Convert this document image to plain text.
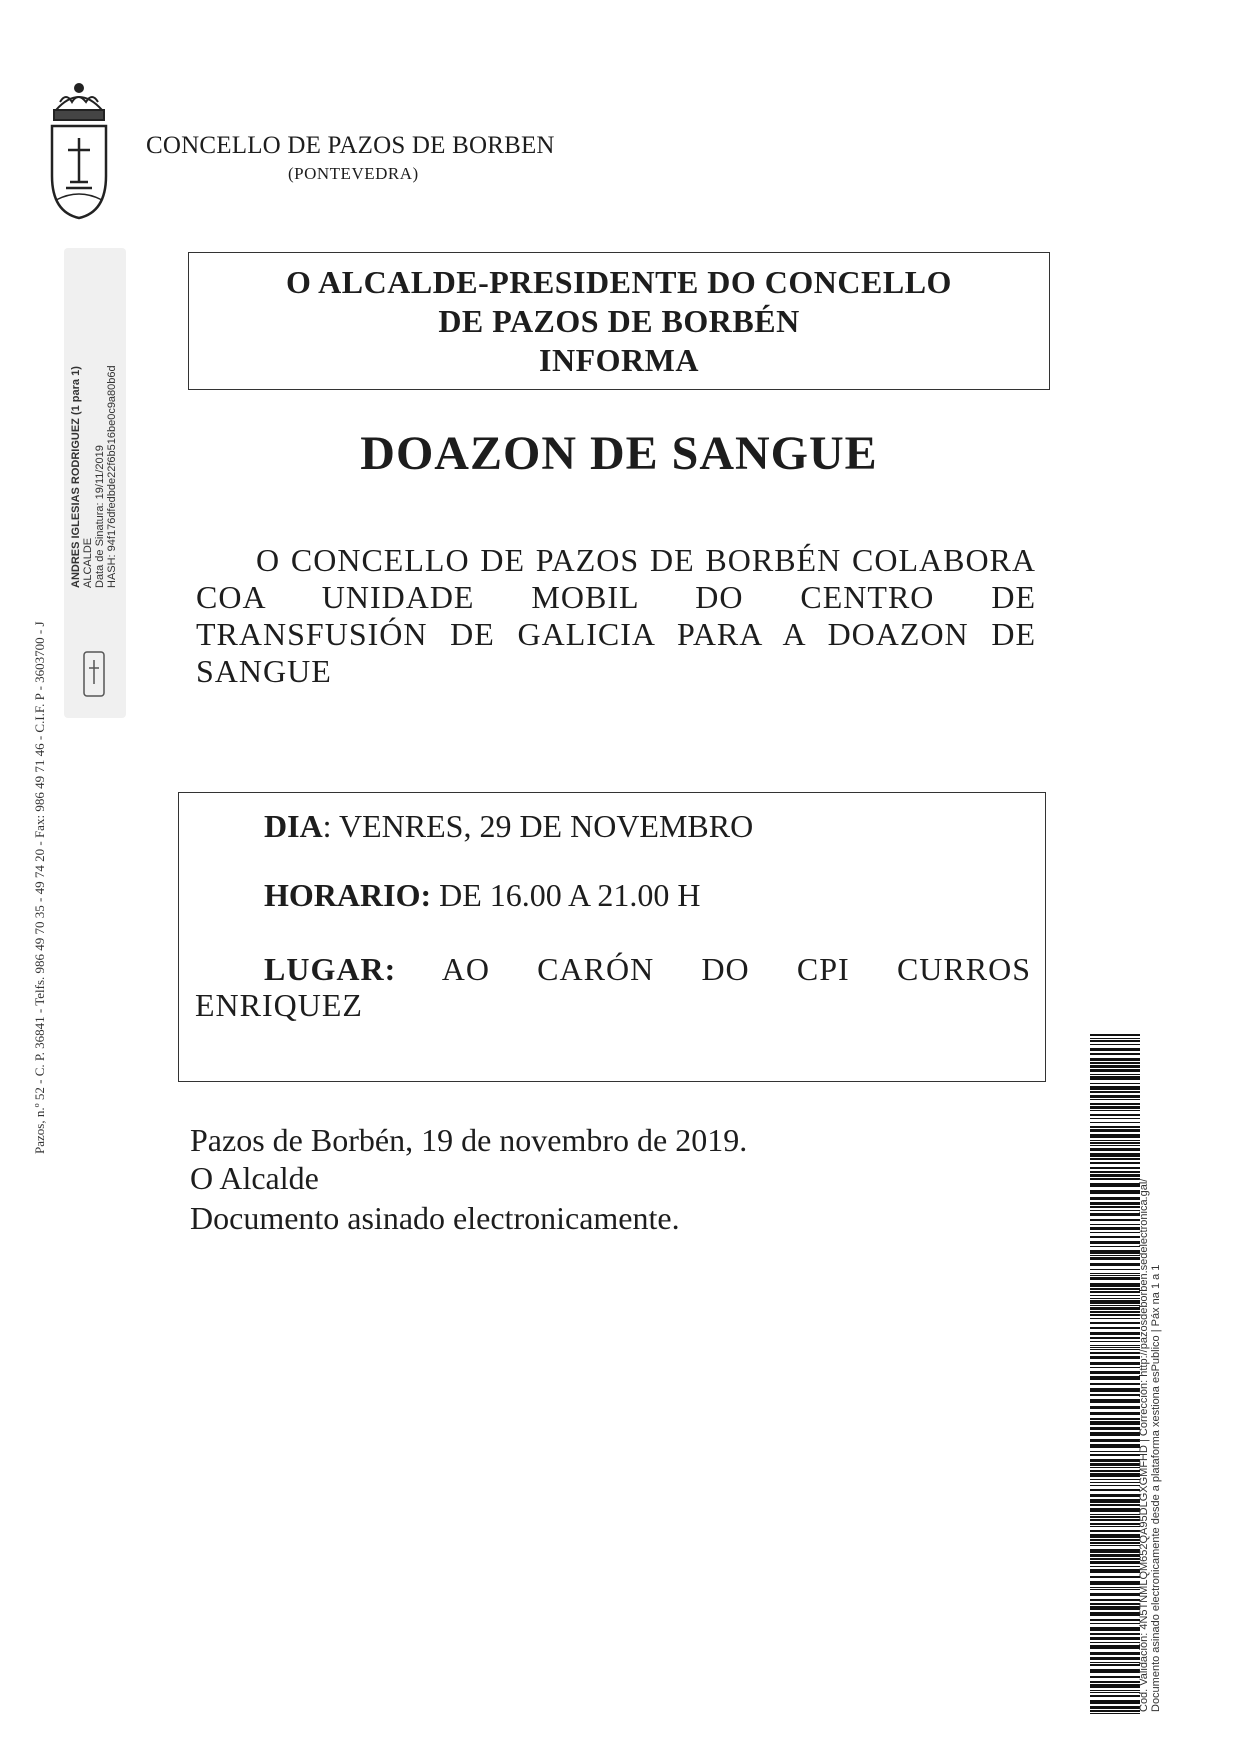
CONCELLO DE PAZOS DE BORBEN
(PONTEVEDRA)
Pazos, n.º 52 - C. P. 36841 - Telfs. 986 49 70 35 - 49 74 20 - Fax: 986 49 71 46 - C.I.F. P - 3603700 - J
ANDRES IGLESIAS RODRIGUEZ (1 para 1) ALCALDE Data de Sinatura: 19/11/2019 HASH: 94f176dfedbde22f6b516be0c9a80b6d
O ALCALDE-PRESIDENTE DO CONCELLO
DE PAZOS DE BORBÉN
INFORMA
DOAZON DE SANGUE
O CONCELLO DE PAZOS DE BORBÉN COLABORA COA UNIDADE MOBIL DO CENTRO DE TRANSFUSIÓN DE GALICIA PARA A DOAZON DE SANGUE
DIA: VENRES, 29 DE NOVEMBRO
HORARIO: DE 16.00 A 21.00 H
LUGAR: AO CARÓN DO CPI CURROS ENRIQUEZ
Pazos de Borbén, 19 de novembro de 2019.
O Alcalde
Documento asinado electronicamente.	Cod. Validación: 4N5TNMLQM652QA95DLGXGMFHD | Corrección: http://pazosdeborben.sedelectronica.gal/ Documento asinado electronicamente desde a plataforma xestiona esPublico | Páx na 1 a 1
